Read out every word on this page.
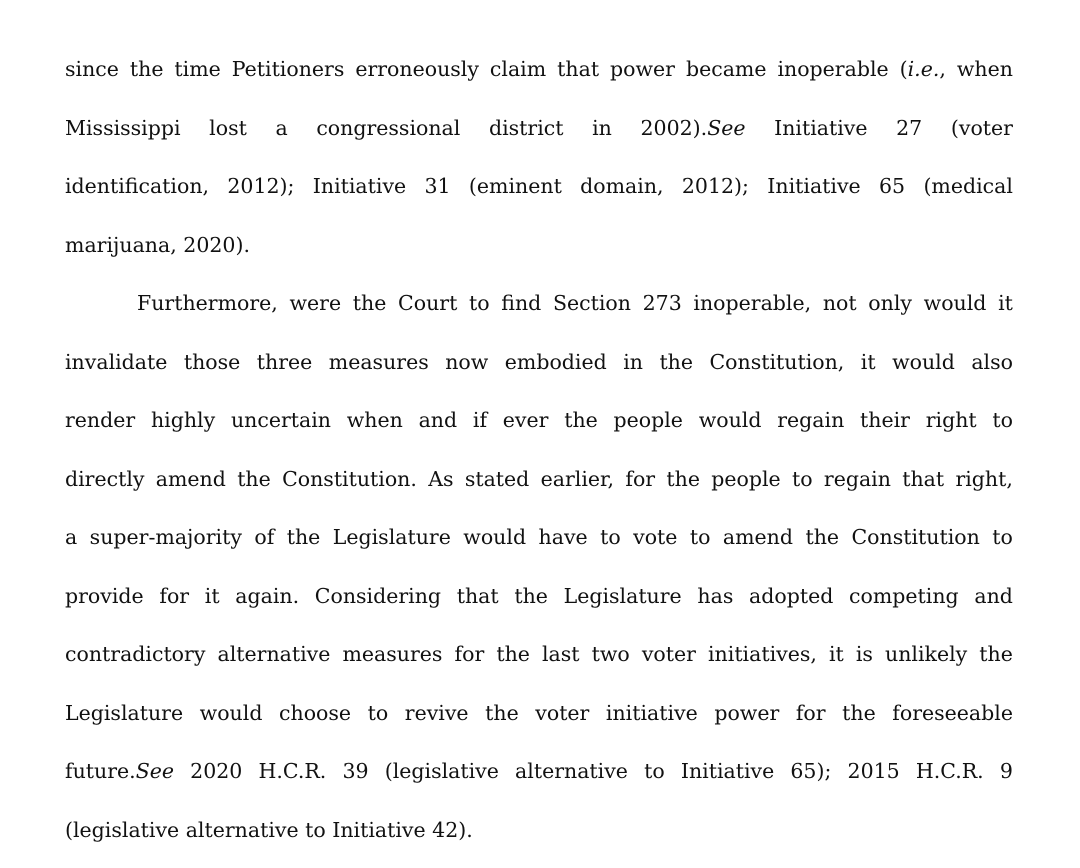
since the time Petitioners erroneously claim that power became inoperable (i.e., when
Mississippi lost a congressional district in 2002).See Initiative 27 (voter
identification, 2012); Initiative 31 (eminent domain, 2012); Initiative 65 (medical
marijuana, 2020).
Furthermore, were the Court to find Section 273 inoperable, not only would it
invalidate those three measures now embodied in the Constitution, it would also
render highly uncertain when and if ever the people would regain their right to
directly amend the Constitution. As stated earlier, for the people to regain that right,
a super-majority of the Legislature would have to vote to amend the Constitution to
provide for it again. Considering that the Legislature has adopted competing and
contradictory alternative measures for the last two voter initiatives, it is unlikely the
Legislature would choose to revive the voter initiative power for the foreseeable
future.See 2020 H.C.R. 39 (legislative alternative to Initiative 65); 2015 H.C.R. 9
(legislative alternative to Initiative 42).
